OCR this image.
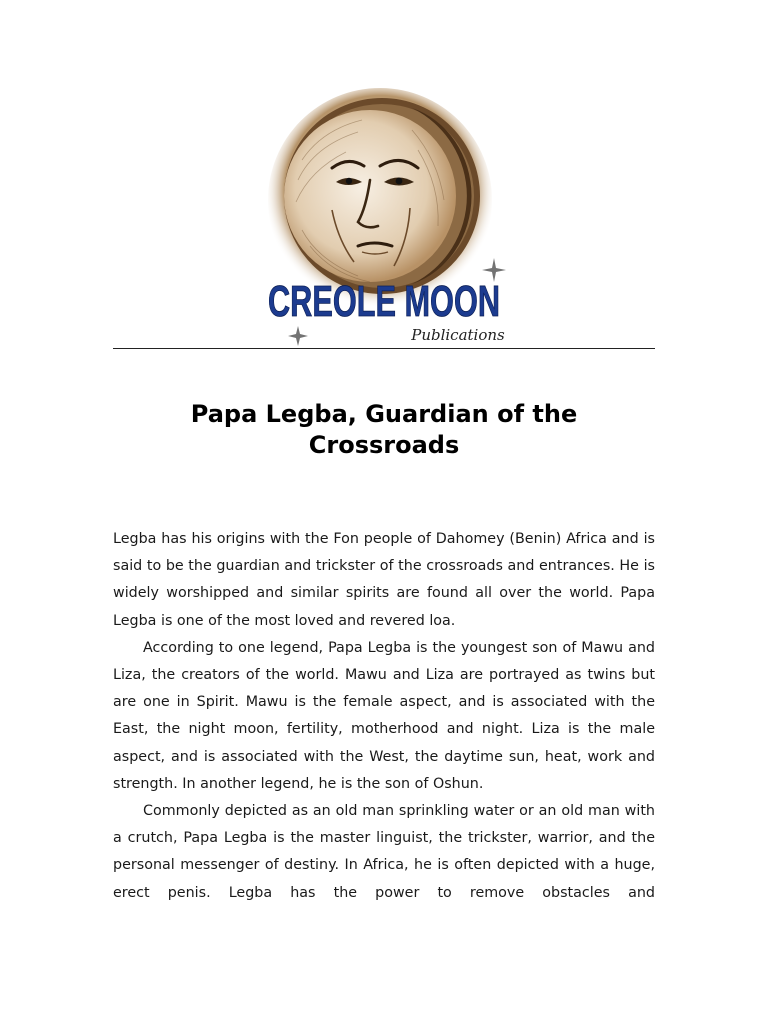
CREOLE MOON
Publications
Papa Legba, Guardian of the Crossroads

Legba has his origins with the Fon people of Dahomey (Benin) Africa and is said to be the guardian and trickster of the crossroads and entrances. He is widely worshipped and similar spirits are found all over the world. Papa Legba is one of the most loved and revered loa.

According to one legend, Papa Legba is the youngest son of Mawu and Liza, the creators of the world. Mawu and Liza are portrayed as twins but are one in Spirit. Mawu is the female aspect, and is associated with the East, the night moon, fertility, motherhood and night. Liza is the male aspect, and is associated with the West, the daytime sun, heat, work and strength. In another legend, he is the son of Oshun.

Commonly depicted as an old man sprinkling water or an old man with a crutch, Papa Legba is the master linguist, the trickster, warrior, and the personal messenger of destiny. In Africa, he is often depicted with a huge, erect penis. Legba has the power to remove obstacles and
